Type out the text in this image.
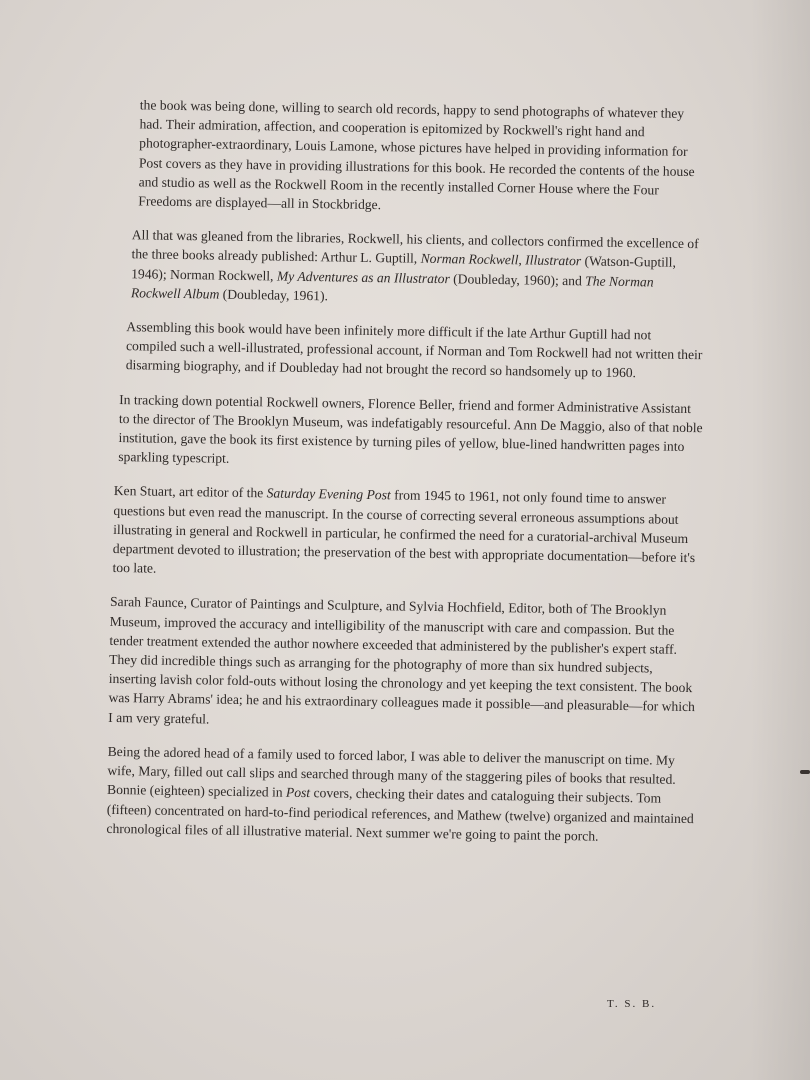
the book was being done, willing to search old records, happy to send photographs of whatever they had. Their admiration, affection, and cooperation is epitomized by Rockwell's right hand and photographer-extraordinary, Louis Lamone, whose pictures have helped in providing information for Post covers as they have in providing illustrations for this book. He recorded the contents of the house and studio as well as the Rockwell Room in the recently installed Corner House where the Four Freedoms are displayed—all in Stockbridge.

All that was gleaned from the libraries, Rockwell, his clients, and collectors confirmed the excellence of the three books already published: Arthur L. Guptill, Norman Rockwell, Illustrator (Watson-Guptill, 1946); Norman Rockwell, My Adventures as an Illustrator (Doubleday, 1960); and The Norman Rockwell Album (Doubleday, 1961).

Assembling this book would have been infinitely more difficult if the late Arthur Guptill had not compiled such a well-illustrated, professional account, if Norman and Tom Rockwell had not written their disarming biography, and if Doubleday had not brought the record so handsomely up to 1960.

In tracking down potential Rockwell owners, Florence Beller, friend and former Administrative Assistant to the director of The Brooklyn Museum, was indefatigably resourceful. Ann De Maggio, also of that noble institution, gave the book its first existence by turning piles of yellow, blue-lined handwritten pages into sparkling typescript.

Ken Stuart, art editor of the Saturday Evening Post from 1945 to 1961, not only found time to answer questions but even read the manuscript. In the course of correcting several erroneous assumptions about illustrating in general and Rockwell in particular, he confirmed the need for a curatorial-archival Museum department devoted to illustration; the preservation of the best with appropriate documentation—before it's too late.

Sarah Faunce, Curator of Paintings and Sculpture, and Sylvia Hochfield, Editor, both of The Brooklyn Museum, improved the accuracy and intelligibility of the manuscript with care and compassion. But the tender treatment extended the author nowhere exceeded that administered by the publisher's expert staff. They did incredible things such as arranging for the photography of more than six hundred subjects, inserting lavish color fold-outs without losing the chronology and yet keeping the text consistent. The book was Harry Abrams' idea; he and his extraordinary colleagues made it possible—and pleasurable—for which I am very grateful.

Being the adored head of a family used to forced labor, I was able to deliver the manuscript on time. My wife, Mary, filled out call slips and searched through many of the staggering piles of books that resulted. Bonnie (eighteen) specialized in Post covers, checking their dates and cataloguing their subjects. Tom (fifteen) concentrated on hard-to-find periodical references, and Mathew (twelve) organized and maintained chronological files of all illustrative material. Next summer we're going to paint the porch.

T. S. B.
